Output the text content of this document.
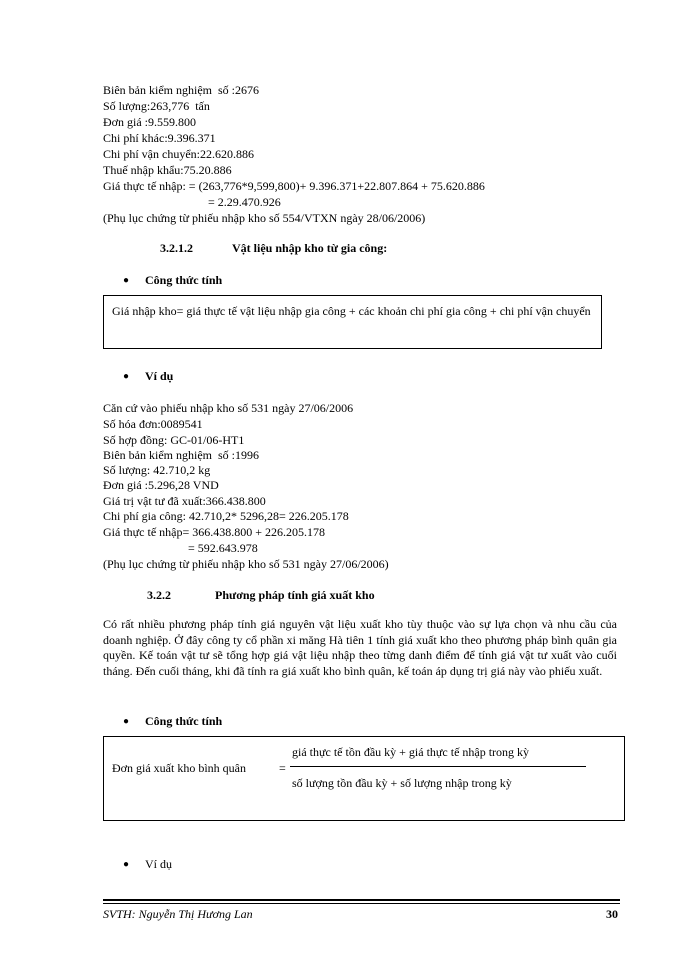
Biên bản kiểm nghiệm  số :2676
Số lượng:263,776  tấn
Đơn giá :9.559.800
Chi phí khác:9.396.371
Chi phí vận chuyển:22.620.886
Thuế nhập khẩu:75.20.886
Giá thực tế nhập: = (263,776*9,599,800)+ 9.396.371+22.807.864 + 75.620.886
= 2.29.470.926
(Phụ lục chứng từ phiếu nhập kho số 554/VTXN ngày 28/06/2006)
3.2.1.2	Vật liệu nhập kho từ gia công:
● Công thức tính
Giá nhập kho= giá thực tế vật liệu nhập gia công + các khoản chi phí gia công + chi phí vận chuyển
● Ví dụ
Căn cứ vào phiếu nhập kho số 531 ngày 27/06/2006
Số hóa đơn:0089541
Số hợp đồng: GC-01/06-HT1
Biên bản kiểm nghiệm  số :1996
Số lượng: 42.710,2 kg
Đơn giá :5.296,28 VND
Giá trị vật tư đã xuất:366.438.800
Chi phí gia công: 42.710,2* 5296,28= 226.205.178
Giá thực tế nhập= 366.438.800 + 226.205.178
= 592.643.978
(Phụ lục chứng từ phiếu nhập kho số 531 ngày 27/06/2006)
3.2.2	Phương pháp tính giá xuất kho
Có rất nhiều phương pháp tính giá nguyên vật liệu xuất kho tùy thuộc vào sự lựa chọn và nhu cầu của doanh nghiệp. Ở đây công ty cổ phần xi măng Hà tiên 1 tính giá xuất kho theo phương pháp bình quân gia quyền. Kế toán vật tư sẽ tổng hợp giá vật liệu nhập theo từng danh điểm để tính giá vật tư xuất vào cuối tháng. Đến cuối tháng, khi đã tính ra giá xuất kho bình quân, kế toán áp dụng trị giá này vào phiếu xuất.
● Công thức tính
Đơn giá xuất kho bình quân	=
giá thực tế tồn đầu kỳ + giá thực tế nhập trong kỳ
số lượng tồn đầu kỳ + số lượng nhập trong kỳ
● Ví dụ
SVTH: Nguyễn Thị Hương Lan	30
